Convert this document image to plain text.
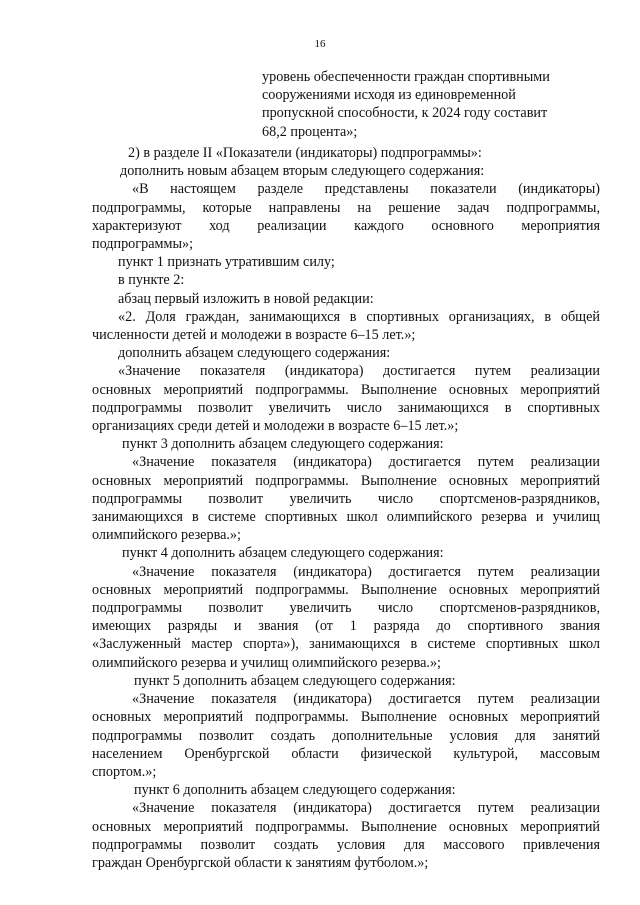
16
уровень обеспеченности граждан спортивными
сооружениями исходя из единовременной
пропускной способности, к 2024 году составит
68,2 процента»;
2) в разделе II «Показатели (индикаторы) подпрограммы»:
дополнить новым абзацем вторым следующего содержания:
«В настоящем разделе представлены показатели (индикаторы)
подпрограммы, которые направлены на решение задач подпрограммы,
характеризуют ход реализации каждого основного мероприятия
подпрограммы»;
пункт 1 признать утратившим силу;
в пункте 2:
абзац первый изложить в новой редакции:
«2. Доля граждан, занимающихся в спортивных организациях, в общей
численности детей и молодежи в возрасте 6–15 лет.»;
дополнить абзацем следующего содержания:
«Значение показателя (индикатора) достигается путем реализации
основных мероприятий подпрограммы. Выполнение основных мероприятий
подпрограммы позволит увеличить число занимающихся в спортивных
организациях среди детей и молодежи в возрасте 6–15 лет.»;
пункт 3 дополнить абзацем следующего содержания:
«Значение показателя (индикатора) достигается путем реализации
основных мероприятий подпрограммы. Выполнение основных мероприятий
подпрограммы позволит увеличить число спортсменов-разрядников,
занимающихся в системе спортивных школ олимпийского резерва и училищ
олимпийского резерва.»;
пункт 4 дополнить абзацем следующего содержания:
«Значение показателя (индикатора) достигается путем реализации
основных мероприятий подпрограммы. Выполнение основных мероприятий
подпрограммы позволит увеличить число спортсменов-разрядников,
имеющих разряды и звания (от 1 разряда до спортивного звания
«Заслуженный мастер спорта»), занимающихся в системе спортивных школ
олимпийского резерва и училищ олимпийского резерва.»;
пункт 5 дополнить абзацем следующего содержания:
«Значение показателя (индикатора) достигается путем реализации
основных мероприятий подпрограммы. Выполнение основных мероприятий
подпрограммы позволит создать дополнительные условия для занятий
населением Оренбургской области физической культурой, массовым
спортом.»;
пункт 6 дополнить абзацем следующего содержания:
«Значение показателя (индикатора) достигается путем реализации
основных мероприятий подпрограммы. Выполнение основных мероприятий
подпрограммы позволит создать условия для массового привлечения
граждан Оренбургской области к занятиям футболом.»;
